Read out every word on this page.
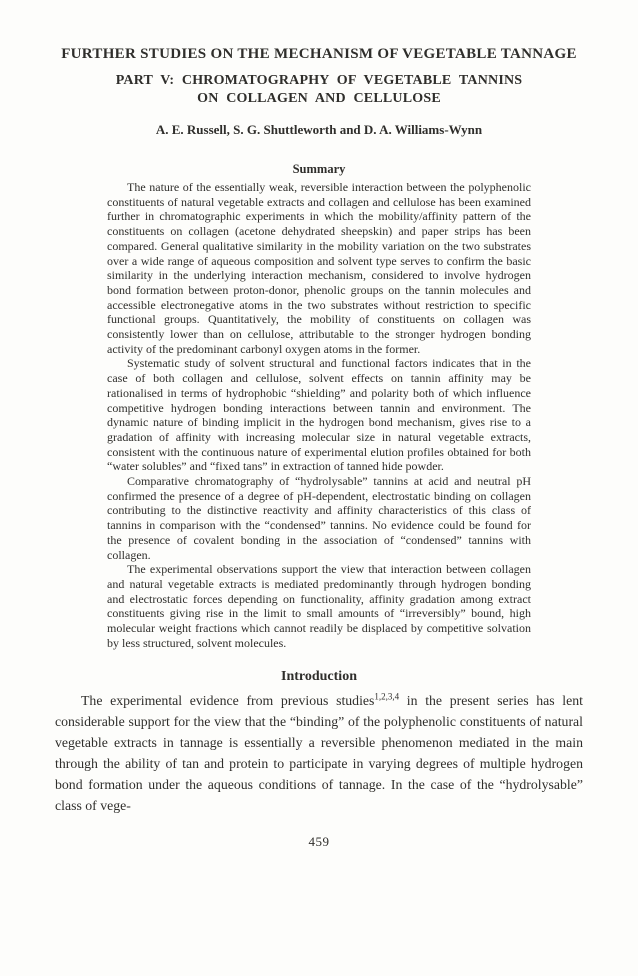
FURTHER STUDIES ON THE MECHANISM OF VEGETABLE TANNAGE
PART V: CHROMATOGRAPHY OF VEGETABLE TANNINS
ON COLLAGEN AND CELLULOSE
A. E. Russell, S. G. Shuttleworth and D. A. Williams-Wynn
Summary

The nature of the essentially weak, reversible interaction between the polyphenolic constituents of natural vegetable extracts and collagen and cellulose has been examined further in chromatographic experiments in which the mobility/affinity pattern of the constituents on collagen (acetone dehydrated sheepskin) and paper strips has been compared. General qualitative similarity in the mobility variation on the two substrates over a wide range of aqueous composition and solvent type serves to confirm the basic similarity in the underlying interaction mechanism, considered to involve hydrogen bond formation between proton-donor, phenolic groups on the tannin molecules and accessible electronegative atoms in the two substrates without restriction to specific functional groups. Quantitatively, the mobility of constituents on collagen was consistently lower than on cellulose, attributable to the stronger hydrogen bonding activity of the predominant carbonyl oxygen atoms in the former.

Systematic study of solvent structural and functional factors indicates that in the case of both collagen and cellulose, solvent effects on tannin affinity may be rationalised in terms of hydrophobic “shielding” and polarity both of which influence competitive hydrogen bonding interactions between tannin and environment. The dynamic nature of binding implicit in the hydrogen bond mechanism, gives rise to a gradation of affinity with increasing molecular size in natural vegetable extracts, consistent with the continuous nature of experimental elution profiles obtained for both “water solubles” and “fixed tans” in extraction of tanned hide powder.

Comparative chromatography of “hydrolysable” tannins at acid and neutral pH confirmed the presence of a degree of pH-dependent, electrostatic binding on collagen contributing to the distinctive reactivity and affinity characteristics of this class of tannins in comparison with the “condensed” tannins. No evidence could be found for the presence of covalent bonding in the association of “condensed” tannins with collagen.

The experimental observations support the view that interaction between collagen and natural vegetable extracts is mediated predominantly through hydrogen bonding and electrostatic forces depending on functionality, affinity gradation among extract constituents giving rise in the limit to small amounts of “irreversibly” bound, high molecular weight fractions which cannot readily be displaced by competitive solvation by less structured, solvent molecules.

Introduction

The experimental evidence from previous studies$^{1,2,3,4}$ in the present series has lent considerable support for the view that the “binding” of the polyphenolic constituents of natural vegetable extracts in tannage is essentially a reversible phenomenon mediated in the main through the ability of tan and protein to participate in varying degrees of multiple hydrogen bond formation under the aqueous conditions of tannage. In the case of the “hydrolysable” class of vege-

459
